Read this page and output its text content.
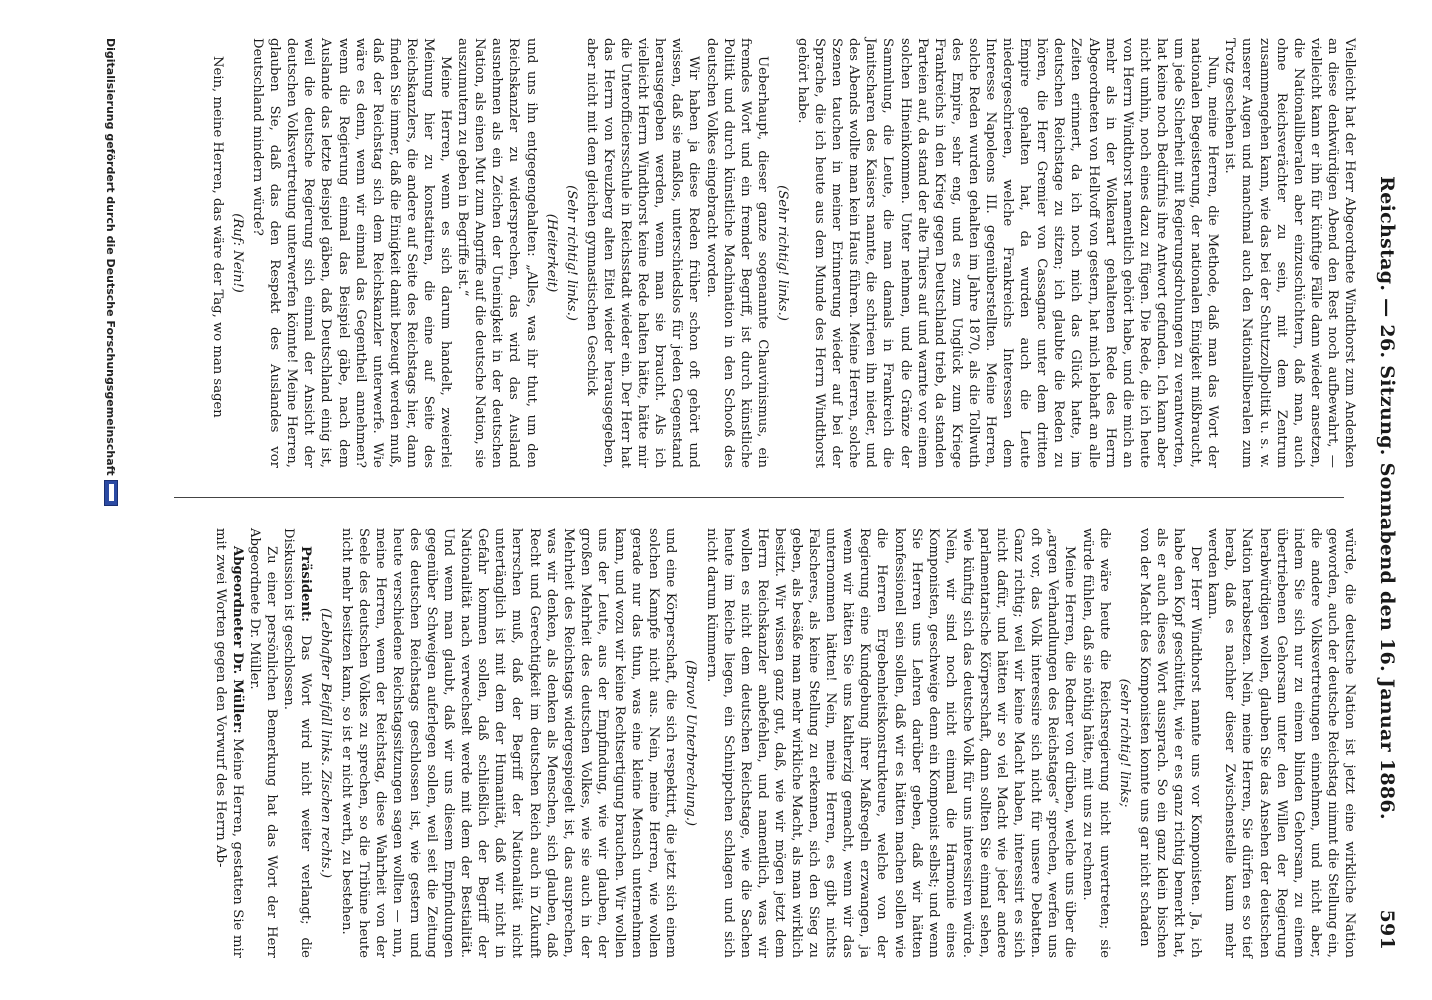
Reichstag. — 26. Sitzung. Sonnabend den 16. Januar 1886.
591

Vielleicht hat der Herr Abgeordnete Windthorst zum Andenken an diese denkwürdigen Abend den Rest noch aufbewahrt, — vielleicht kann er ihn für künftige Fälle dann wieder ansetzen, die Nationalliberalen aber einzuschüchtern, daß man, auch ohne Reichsverächter zu sein, mit dem Zentrum zusammengehen kann, wie das bei der Schutzzollpolitik u. s. w. unserer Augen und manchmal auch den Nationalliberalen zum Trotz geschehen ist.

Nun, meine Herren, die Methode, daß man das Wort der nationalen Begeisterung, der nationalen Einigkeit mißbraucht, um jede Sicherheit mit Regierungsdrohungen zu verantworten, hat keine noch Bedürfnis ihre Antwort gefunden. Ich kann aber nicht umhin, noch eines dazu zu fügen. Die Rede, die ich heute von Herrn Windthorst namentlich gehört habe, und die mich an mehr als in der Wolkenart gehaltenen Rede des Herrn Abgeordneten von Hellvoff von gestern, hat mich lebhaft an alle Zeiten erinnert, da ich noch mich das Glück hatte, im deutschen Reichstage zu sitzen; ich glaubte die Reden zu hören, die Herr Gremier von Cassagnac unter dem dritten Empire gehalten hat, da wurden auch die Leute niedergeschrieen, welche Frankreichs Interessen dem Interesse Napoleons III. gegenüberstellten. Meine Herren, solche Reden wurden gehalten im Jahre 1870, als die Tollwuth des Empire, sehr eng, und es zum Unglück zum Kriege Frankreichs in den Krieg gegen Deutschland trieb, da standen Parteien auf, da stand der alte Thiers auf und warnte vor einem solchen Hineinkommen. Unter nehmen, und die Gränze der Sammlung, die Leute, die man damals in Frankreich die Janitscharen des Kaisers nannte, die schrieen ihn nieder, und des Abends wollte man kein Haus führen. Meine Herren, solche Szenen tauchen in meiner Erinnerung wieder auf bei der Sprache, die ich heute aus dem Munde des Herrn Windthorst gehört habe.

(Sehr richtig! links.)

Ueberhaupt, dieser ganze sogenannte Chauvinismus, ein fremdes Wort und ein fremder Begriff, ist durch künstliche Politik und durch künstliche Machination in den Schooß des deutschen Volkes eingebracht worden.

Wir haben ja diese Reden früher schon oft gehört und wissen, daß sie maßlos, unterschiedslos für jeden Gegenstand herausgegeben werden, wenn man sie braucht. Als ich vielleicht Herrn Windthorst keine Rede halten hätte, hätte mir die Unterofficiersschule in Reichsstadt wieder ein. Der Herr hat das Herrn von Kreuzberg alten Eitel wieder herausgegeben, aber nicht mit dem gleichen gymnastischen Geschick

(Sehr richtig! links.)

(Heiterkeit)

und uns ihn entgegengehalten: „Alles, was ihr thut, um den Reichskanzler zu widersprechen, das wird das Ausland ausnehmen als ein Zeichen der Uneinigkeit in der deutschen Nation, als einen Mut zum Angriffe auf die deutsche Nation, sie auszumutern zu geben in Begriffe ist.“

Meine Herren, wenn es sich darum handelt, zweierlei Meinung hier zu konstatiren, die eine auf Seite des Reichskanzlers, die andere auf Seite des Reichstags hier, dann finden Sie immer, daß die Einigkeit damit bezeugt werden muß, daß der Reichstag sich dem Reichskanzler unterwerfe. Wie wäre es denn, wenn wir einmal das Gegentheil annehmen? wenn die Regierung einmal das Beispiel gäbe, nach dem Auslande das letzte Beispiel gäben, daß Deutschland einig ist, weil die deutsche Regierung sich einmal der Ansicht der deutschen Volksvertretung unterwerfen könnte! Meine Herren, glauben Sie, daß das den Respekt des Auslandes vor Deutschland mindern würde?

(Ruf: Nein!)

Nein, meine Herren, das wäre der Tag, wo man sagen

würde, die deutsche Nation ist jetzt eine wirkliche Nation geworden, auch der deutsche Reichstag nimmt die Stellung ein, die andere Volksvertretungen einnehmen, und nicht aber, indem Sie sich nur zu einem blinden Gehorsam, zu einem übertriebenen Gehorsam unter den Willen der Regierung herabwürdigen wollen, glauben Sie das Ansehen der deutschen Nation herabsetzen. Nein, meine Herren, Sie dürfen es so tief herab, daß es nachher dieser Zwischenstelle kaum mehr werden kann.

Der Herr Windthorst nannte uns vor Komponisten. Ja, ich habe den Kopf geschüttelt, wie er es ganz richtig bemerkt hat, als er auch dieses Wort aussprach. So ein ganz klein bischen von der Macht des Komponisten konnte uns gar nicht schaden

(sehr richtig! links;

die wäre heute die Reichsregierung nicht unvertreten; sie würde fühlen, daß sie nöthig hätte, mit uns zu rechnen.

Meine Herren, die Redner von drüben, welche uns über die „argen Verhandlungen des Reichstages“ sprechen, werfen uns oft vor, das Volk interessire sich nicht für unsere Debatten. Ganz richtig; weil wir keine Macht haben, interessirt es sich nicht dafür, und hätten wir so viel Macht wie jeder andere parlamentarische Körperschaft, dann sollten Sie einmal sehen, wie künftig sich das deutsche Volk für uns interessiren würde. Nein, wir sind noch nicht einmal die Harmonie eines Komponisten, geschweige denn ein Komponist selbst; und wenn Sie Herren uns Lehren darüber geben, daß wir hätten konfessionell sein sollen, daß wir es hätten machen sollen wie die Herren Ergebenheitskonstrukteure, welche von der Regierung eine Kundgebung ihrer Maßregeln erzwangen, ja wenn wir hätten Sie uns kaltherzig gemacht, wenn wir das unternommen hätten! Nein, meine Herren, es gibt nichts Falscheres, als keine Stellung zu erkennen, sich den Sieg zu geben, als besäße man mehr wirkliche Macht, als man wirklich besitzt. Wir wissen ganz gut, daß, wie wir mögen jetzt dem Herrn Reichskanzler anbefehlen, und namentlich, was wir wollen es nicht dem deutschen Reichstage, wie die Sachen heute im Reiche liegen, ein Schnippchen schlagen und sich nicht darum kümmern.

(Bravo! Unterbrechung.)

und eine Körperschaft, die sich respektirt, die jetzt sich einem solchen Kampfe nicht aus. Nein, meine Herren, wie wollen gerade nur das thun, was eine kleine Mensch unternehmen kann, und wozu wir keine Rechtsertigung brauchen. Wir wollen uns der Leute, aus der Empfindung, wie wir glauben, der großen Mehrheit des deutschen Volkes, wie sie auch in der Mehrheit des Reichstags widergespiegelt ist, das ausprechen, was wir denken, als denken als Menschen, sich glauben, daß Recht und Gerechtigkeit im deutschen Reich auch in Zukunft herrschen muß, daß der Begriff der Nationalität nicht untertänglich ist mit dem der Humanität, daß wir nicht in Gefahr kommen sollen, daß schließlich der Begriff der Nationalität nach verwechselt werde mit dem der Bestialität. Und wenn man glaubt, daß wir uns diesem Empfindungen gegenüber Schweigen auferlegen sollen, weil seit die Zeitung des deutschen Reichstags geschlossen ist, wie gestern und heute verschiedene Reichstagssitzungen sagen wollten — nun, meine Herren, wenn der Reichstag, diese Wahrheit von der Seele des deutschen Volkes zu sprechen, so die Tribüne heute nicht mehr besitzen kann, so ist er nicht werth, zu bestehen.

(Lebhafter Beifall links. Zischen rechts.)

Präsident: Das Wort wird nicht weiter verlangt; die Diskussion ist geschlossen.

Zu einer persönlichen Bemerkung hat das Wort der Herr Abgeordnete Dr. Müller.

Abgeordneter Dr. Müller: Meine Herren, gestatten Sie mir mit zwei Worten gegen den Vorwurf des Herrn Ab-

Digitalisierung gefördert durch die Deutsche Forschungsgemeinschaft
